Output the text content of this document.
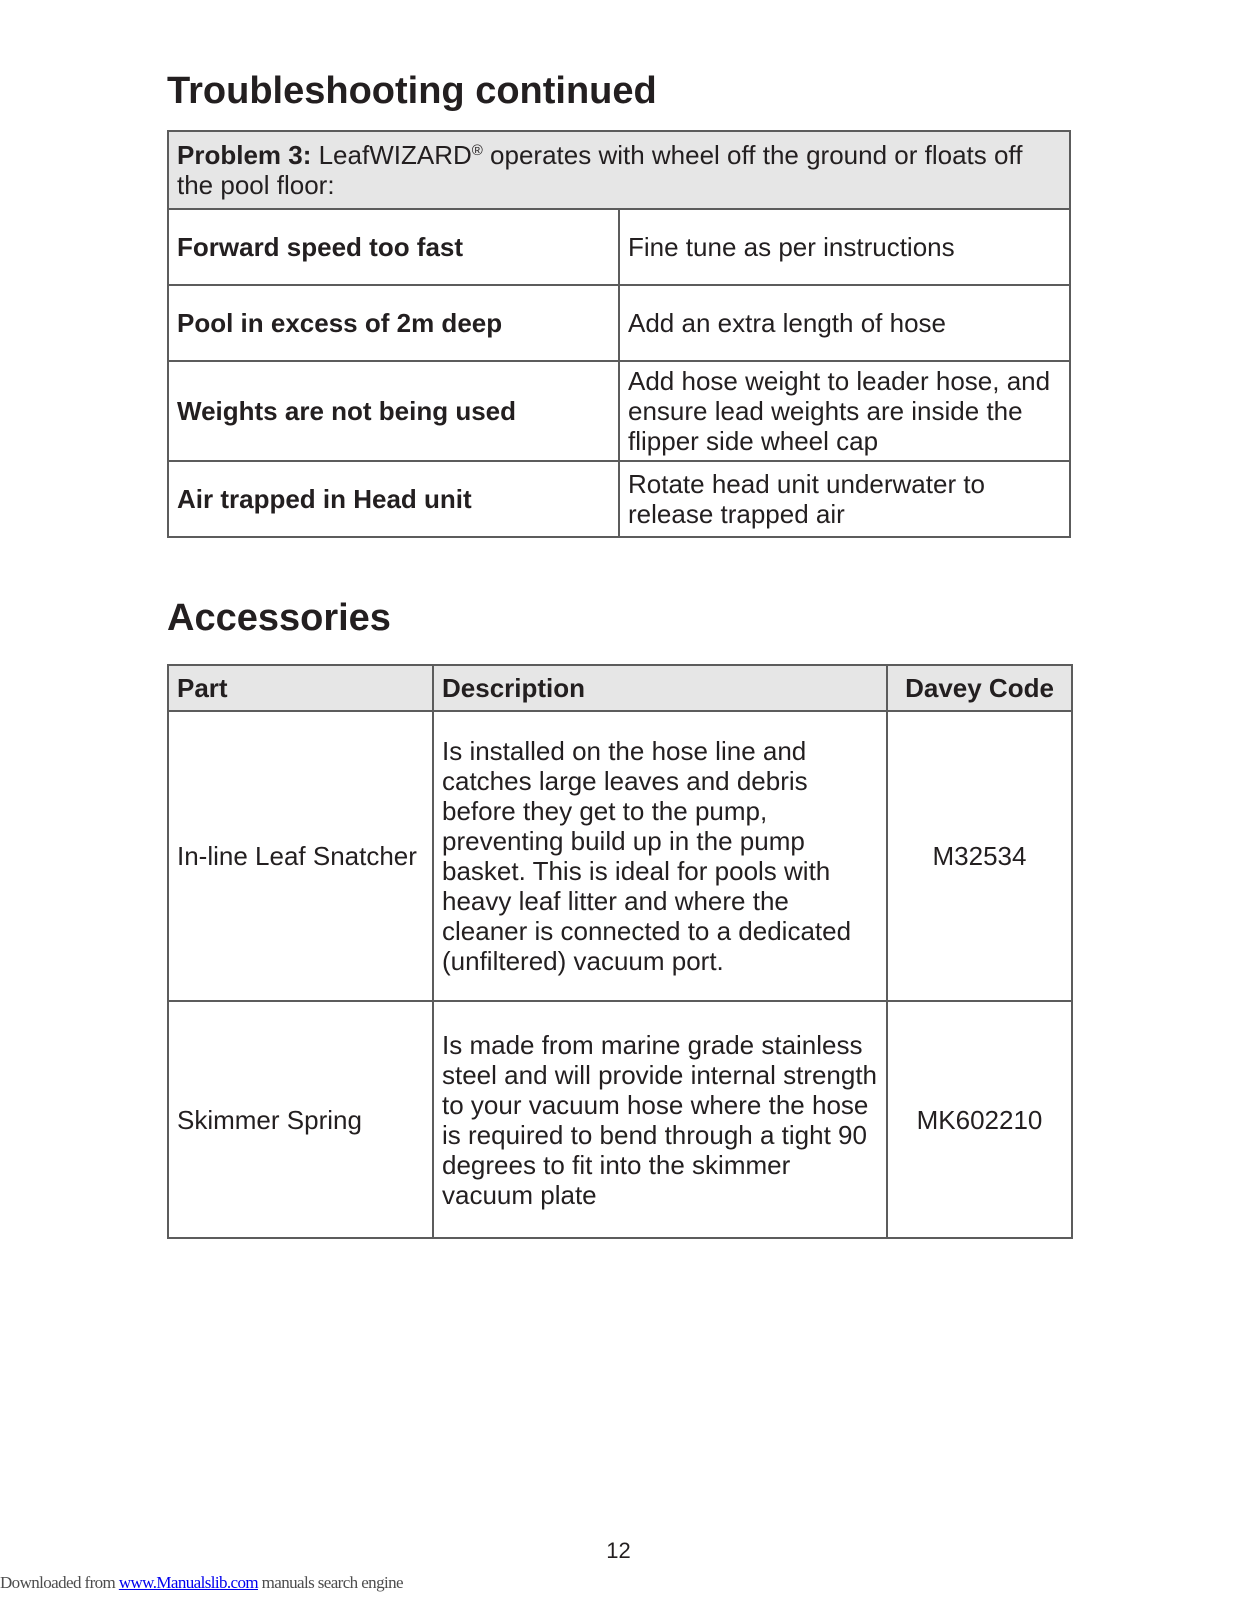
Troubleshooting continued
Problem 3: LeafWIZARD® operates with wheel off the ground or floats off the pool floor:	
Forward speed too fast	Fine tune as per instructions
Pool in excess of 2m deep	Add an extra length of hose
Weights are not being used	Add hose weight to leader hose, and ensure lead weights are inside the flipper side wheel cap
Air trapped in Head unit	Rotate head unit underwater to release trapped air
Accessories
Part	Description	Davey Code
In-line Leaf Snatcher	Is installed on the hose line and catches large leaves and debris before they get to the pump, preventing build up in the pump basket. This is ideal for pools with heavy leaf litter and where the cleaner is connected to a dedicated (unfiltered) vacuum port.	M32534
Skimmer Spring	Is made from marine grade stainless steel and will provide internal strength to your vacuum hose where the hose is required to bend through a tight 90 degrees to fit into the skimmer vacuum plate	MK602210
12
Downloaded from www.Manualslib.com manuals search engine
